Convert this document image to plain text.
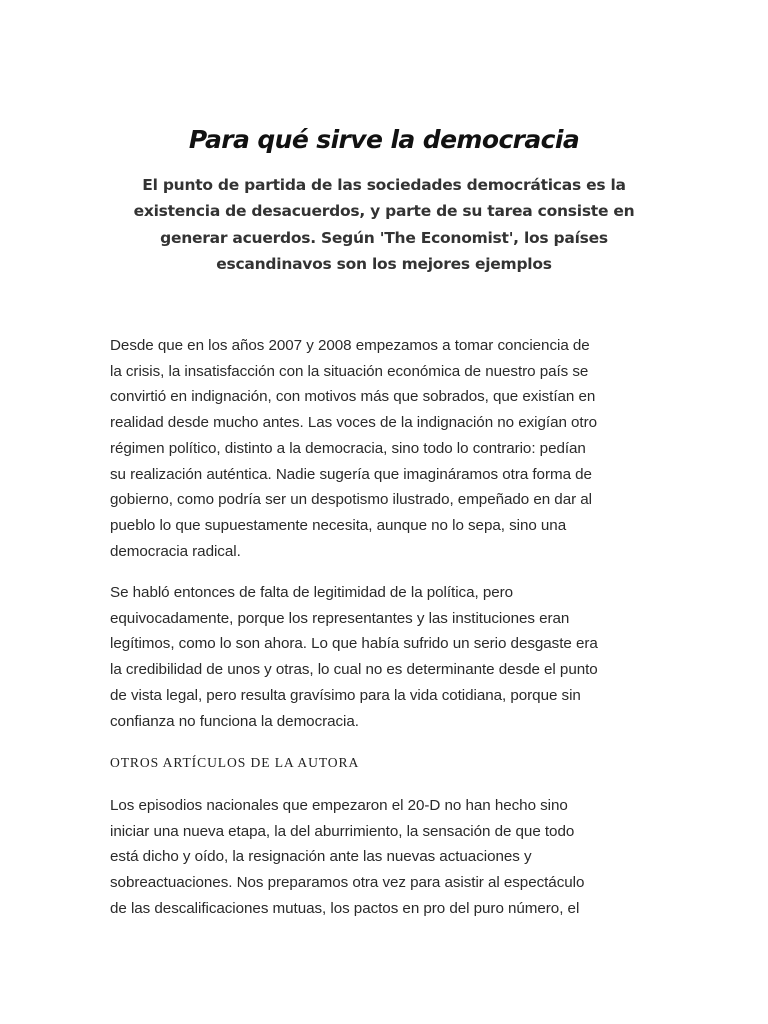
Para qué sirve la democracia

El punto de partida de las sociedades democráticas es la existencia de desacuerdos, y parte de su tarea consiste en generar acuerdos. Según 'The Economist', los países escandinavos son los mejores ejemplos

Desde que en los años 2007 y 2008 empezamos a tomar conciencia de
la crisis, la insatisfacción con la situación económica de nuestro país se
convirtió en indignación, con motivos más que sobrados, que existían en
realidad desde mucho antes. Las voces de la indignación no exigían otro
régimen político, distinto a la democracia, sino todo lo contrario: pedían
su realización auténtica. Nadie sugería que imagináramos otra forma de
gobierno, como podría ser un despotismo ilustrado, empeñado en dar al
pueblo lo que supuestamente necesita, aunque no lo sepa, sino una
democracia radical.
Se habló entonces de falta de legitimidad de la política, pero
equivocadamente, porque los representantes y las instituciones eran
legítimos, como lo son ahora. Lo que había sufrido un serio desgaste era
la credibilidad de unos y otras, lo cual no es determinante desde el punto
de vista legal, pero resulta gravísimo para la vida cotidiana, porque sin
confianza no funciona la democracia.

OTROS ARTÍCULOS DE LA AUTORA

Los episodios nacionales que empezaron el 20-D no han hecho sino
iniciar una nueva etapa, la del aburrimiento, la sensación de que todo
está dicho y oído, la resignación ante las nuevas actuaciones y
sobreactuaciones. Nos preparamos otra vez para asistir al espectáculo
de las descalificaciones mutuas, los pactos en pro del puro número, el
